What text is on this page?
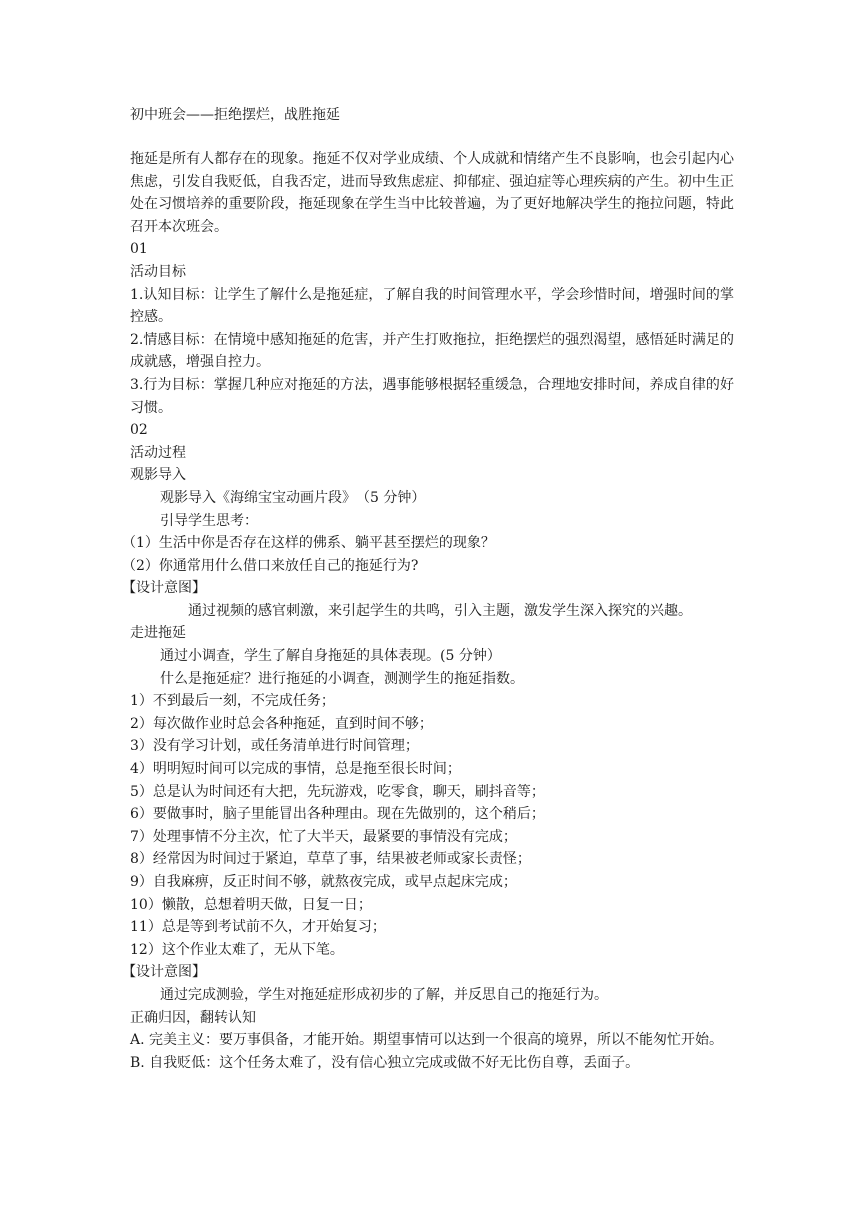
初中班会——拒绝摆烂，战胜拖延

拖延是所有人都存在的现象。拖延不仅对学业成绩、个人成就和情绪产生不良影响，也会引起内心焦虑，引发自我贬低，自我否定，进而导致焦虑症、抑郁症、强迫症等心理疾病的产生。初中生正处在习惯培养的重要阶段，拖延现象在学生当中比较普遍，为了更好地解决学生的拖拉问题，特此召开本次班会。

01

活动目标

1.认知目标：让学生了解什么是拖延症，了解自我的时间管理水平，学会珍惜时间，增强时间的掌控感。

2.情感目标：在情境中感知拖延的危害，并产生打败拖拉，拒绝摆烂的强烈渴望，感悟延时满足的成就感，增强自控力。

3.行为目标：掌握几种应对拖延的方法，遇事能够根据轻重缓急，合理地安排时间，养成自律的好习惯。

02

活动过程

观影导入

观影导入《海绵宝宝动画片段》　（5 分钟）

引导学生思考：

（1）生活中你是否存在这样的佛系、躺平甚至摆烂的现象？

（2）你通常用什么借口来放任自己的拖延行为?

【设计意图】

通过视频的感官刺激，来引起学生的共鸣，引入主题，激发学生深入探究的兴趣。

走进拖延

通过小调查，学生了解自身拖延的具体表现。(5 分钟）

什么是拖延症？进行拖延的小调查，测测学生的拖延指数。

1）不到最后一刻，不完成任务；

2）每次做作业时总会各种拖延，直到时间不够；

3）没有学习计划，或任务清单进行时间管理；

4）明明短时间可以完成的事情，总是拖至很长时间；

5）总是认为时间还有大把，先玩游戏，吃零食，聊天，刷抖音等；

6）要做事时，脑子里能冒出各种理由。现在先做别的，这个稍后；

7）处理事情不分主次，忙了大半天，最紧要的事情没有完成；

8）经常因为时间过于紧迫，草草了事，结果被老师或家长责怪；

9）自我麻痹，反正时间不够，就熬夜完成，或早点起床完成；

10）懒散，总想着明天做，日复一日；

11）总是等到考试前不久，才开始复习；

12）这个作业太难了，无从下笔。

【设计意图】

通过完成测验，学生对拖延症形成初步的了解，并反思自己的拖延行为。

正确归因，翻转认知

A. 完美主义：要万事俱备，才能开始。期望事情可以达到一个很高的境界，所以不能匆忙开始。

B. 自我贬低：这个任务太难了，没有信心独立完成或做不好无比伤自尊，丢面子。
